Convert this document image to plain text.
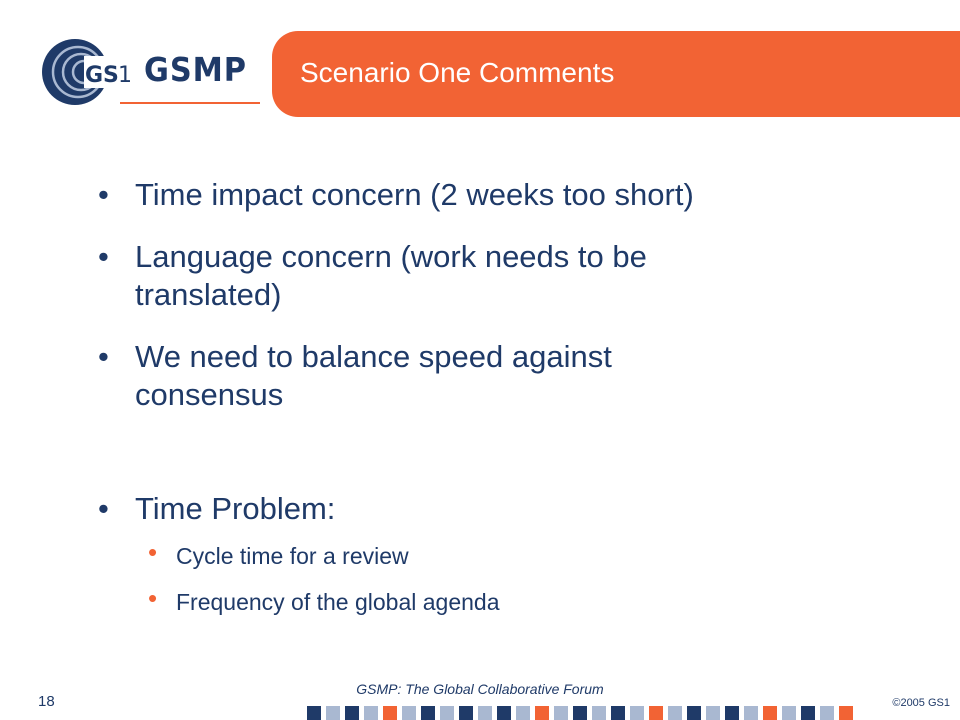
GS 1 GSMP Scenario One Comments
• Time impact concern (2 weeks too short)
• Language concern (work needs to be translated)
• We need to balance speed against consensus
• Time Problem:
• Cycle time for a review
• Frequency of the global agenda
18
GSMP: The Global Collaborative Forum
©2005 GS1
